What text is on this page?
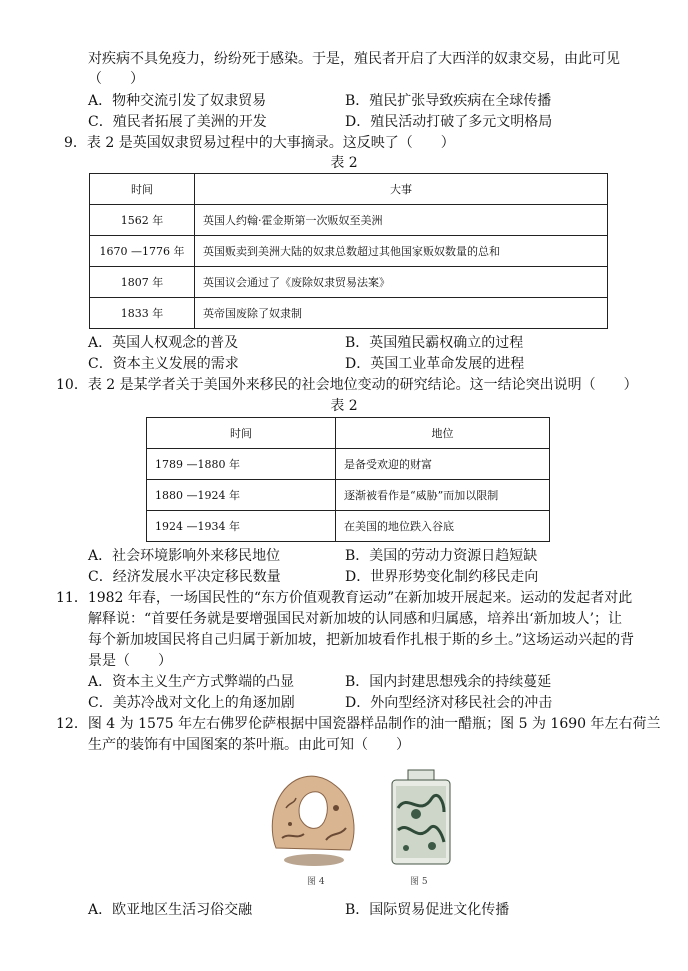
对疾病不具免疫力，纷纷死于感染。于是，殖民者开启了大西洋的奴隶交易，由此可见
（　　）
A．物种交流引发了奴隶贸易	B．殖民扩张导致疾病在全球传播
C．殖民者拓展了美洲的开发	D．殖民活动打破了多元文明格局
9．表 2 是英国奴隶贸易过程中的大事摘录。这反映了（　　）
表 2
时间	大事
1562 年	英国人约翰·霍金斯第一次贩奴至美洲
1670 —1776 年	英国贩卖到美洲大陆的奴隶总数超过其他国家贩奴数量的总和
1807 年	英国议会通过了《废除奴隶贸易法案》
1833 年	英帝国废除了奴隶制
A．英国人权观念的普及	B．英国殖民霸权确立的过程
C．资本主义发展的需求	D．英国工业革命发展的进程
10．表 2 是某学者关于美国外来移民的社会地位变动的研究结论。这一结论突出说明（　　）
表 2
时间	地位
1789 —1880 年	是备受欢迎的财富
1880 —1924 年	逐渐被看作是“威胁”而加以限制
1924 —1934 年	在美国的地位跌入谷底
A．社会环境影响外来移民地位	B．美国的劳动力资源日趋短缺
C．经济发展水平决定移民数量	D．世界形势变化制约移民走向
11．1982 年春，一场国民性的“东方价值观教育运动”在新加坡开展起来。运动的发起者对此
解释说：“首要任务就是要增强国民对新加坡的认同感和归属感，培养出‘新加坡人’；让
每个新加坡国民将自己归属于新加坡，把新加坡看作扎根于斯的乡土。”这场运动兴起的背
景是（　　）
A．资本主义生产方式弊端的凸显	B．国内封建思想残余的持续蔓延
C．美苏冷战对文化上的角逐加剧	D．外向型经济对移民社会的冲击
12．图 4 为 1575 年左右佛罗伦萨根据中国瓷器样品制作的油一醋瓶；图 5 为 1690 年左右荷兰
生产的装饰有中国图案的茶叶瓶。由此可知（　　）
图 4	图 5
A．欧亚地区生活习俗交融	B．国际贸易促进文化传播
